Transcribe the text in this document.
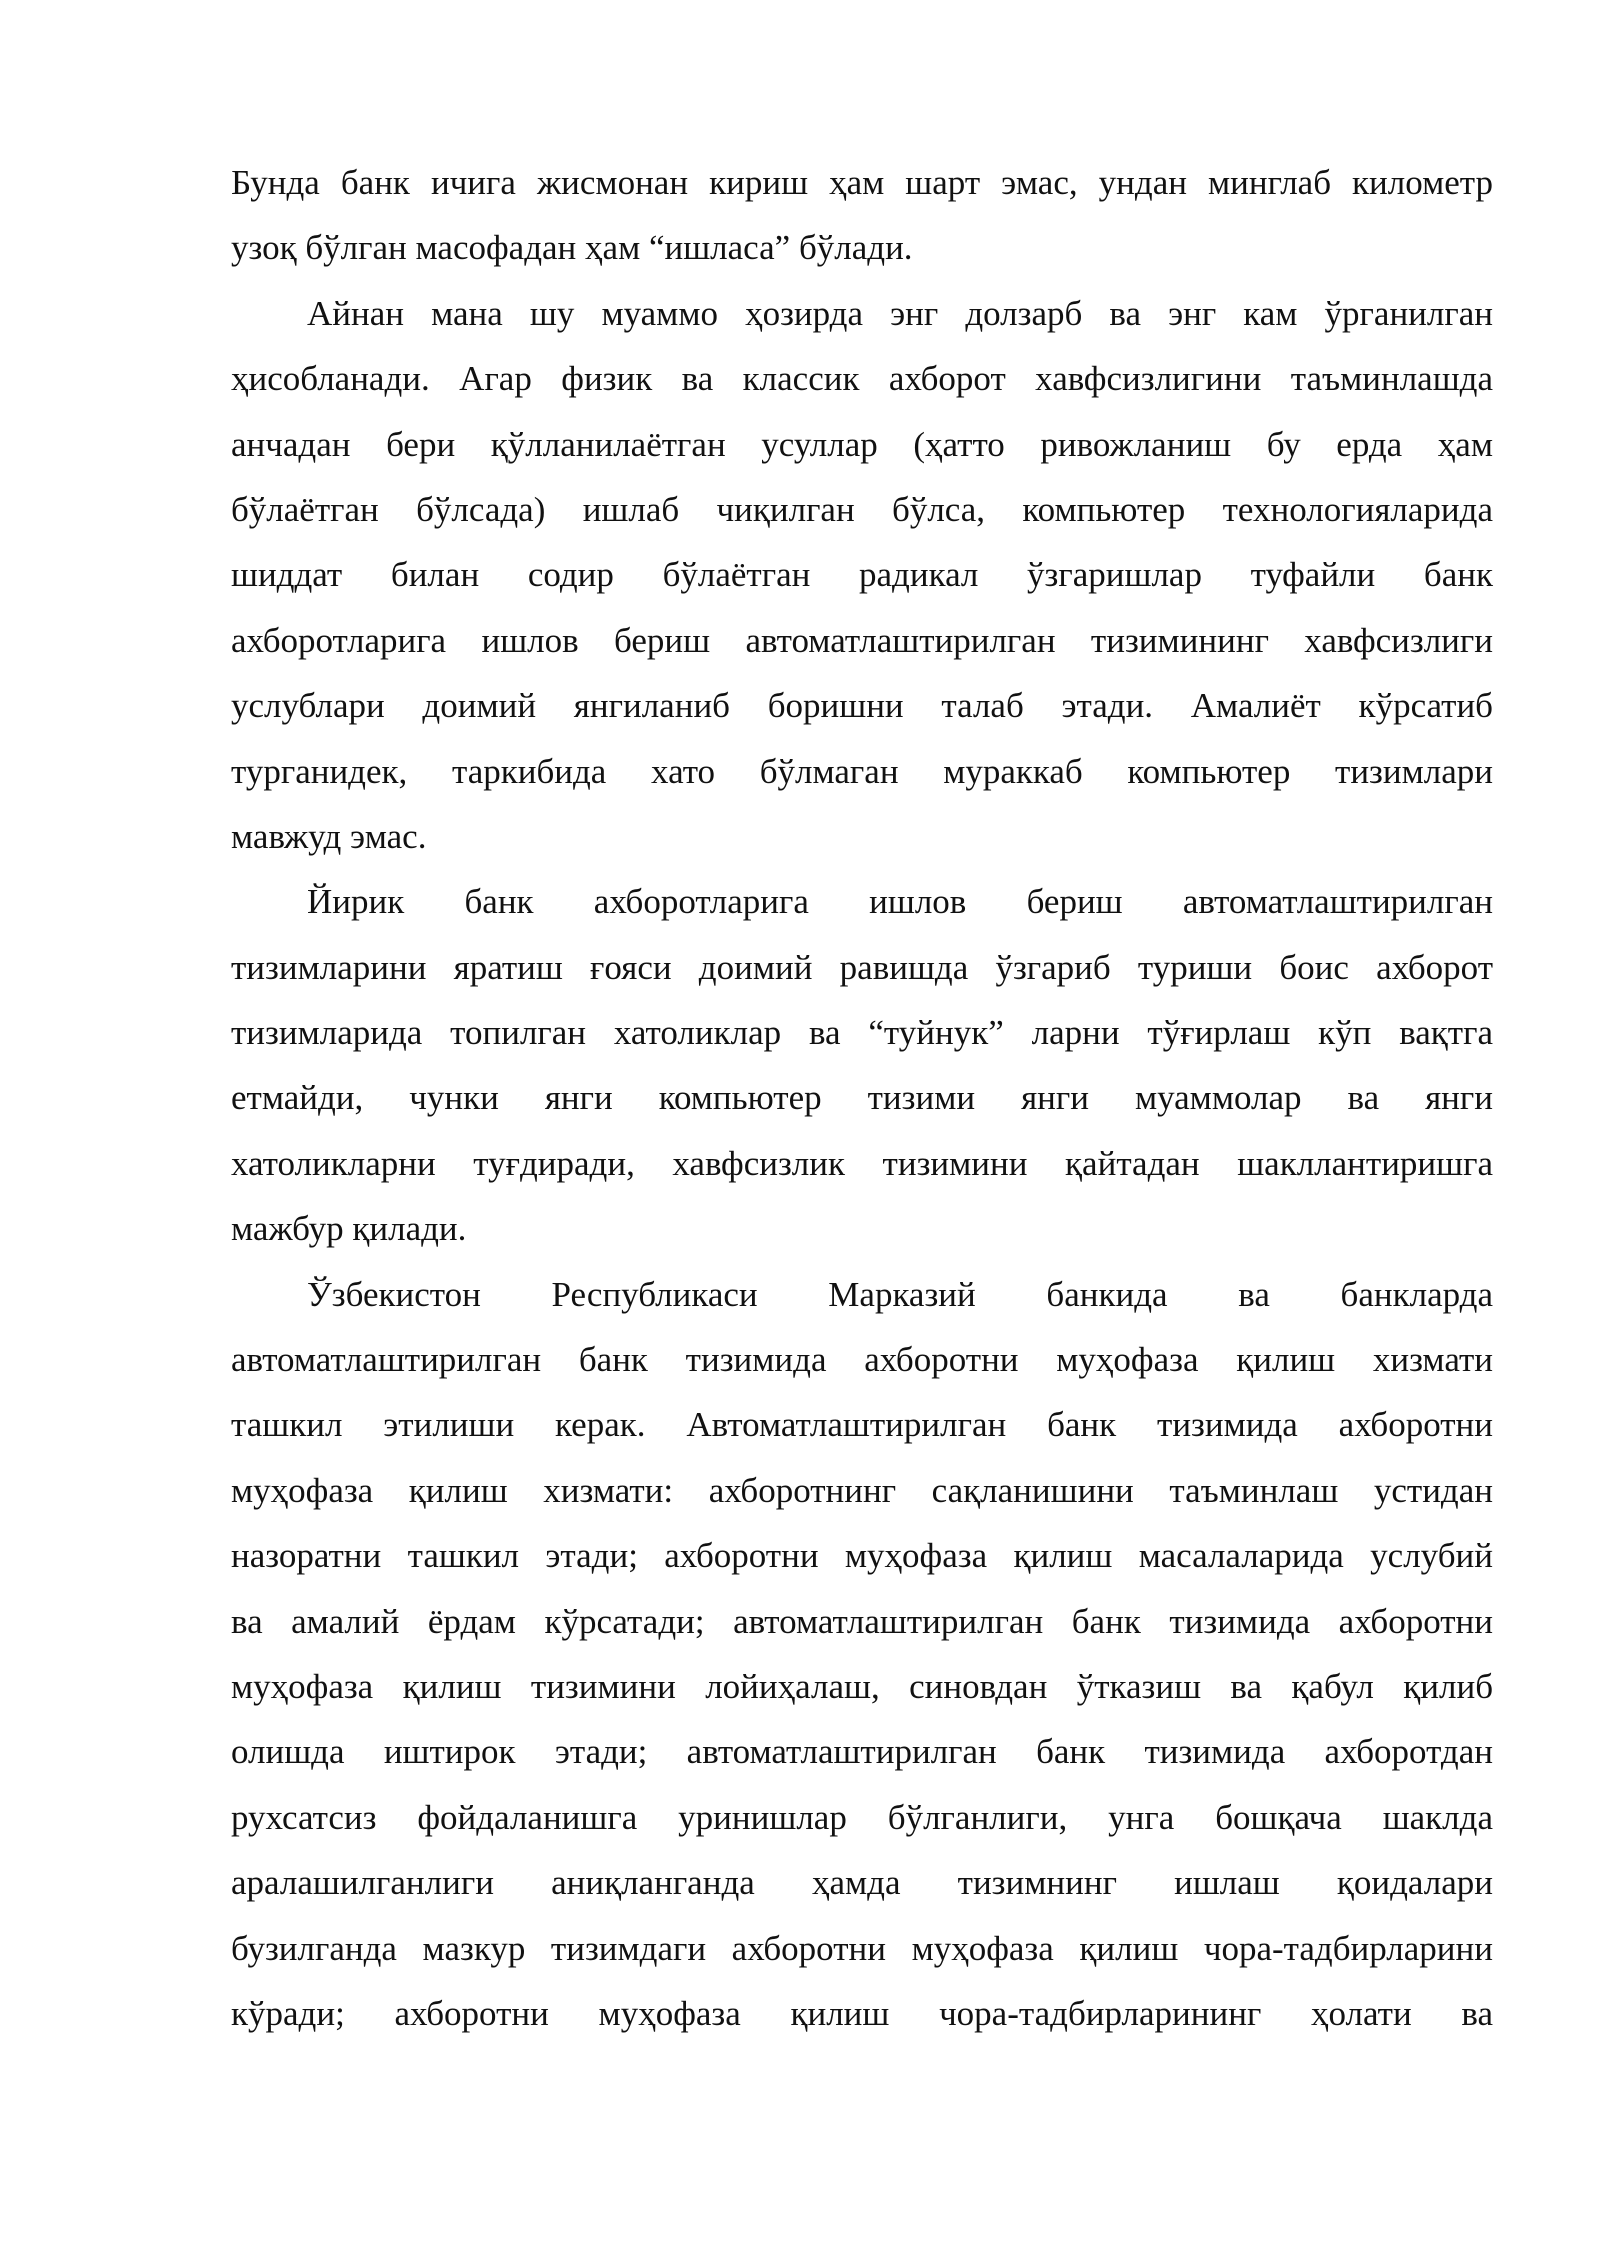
Бунда банк ичига жисмонан кириш ҳам шарт эмас, ундан минглаб километр
узоқ бўлган масофадан ҳам “ишласа” бўлади.
Айнан мана шу муаммо ҳозирда энг долзарб ва энг кам ўрганилган
ҳисобланади. Агар физик ва классик ахборот хавфсизлигини таъминлашда
анчадан бери қўлланилаётган усуллар (ҳатто ривожланиш бу ерда ҳам
бўлаётган бўлсада) ишлаб чиқилган бўлса, компьютер технологияларида
шиддат билан содир бўлаётган радикал ўзгаришлар туфайли банк
ахборотларига ишлов бериш автоматлаштирилган тизимининг хавфсизлиги
услублари доимий янгиланиб боришни талаб этади. Амалиёт кўрсатиб
турганидек, таркибида хато бўлмаган мураккаб компьютер тизимлари
мавжуд эмас.
Йирик банк ахборотларига ишлов бериш автоматлаштирилган
тизимларини яратиш ғояси доимий равишда ўзгариб туриши боис ахборот
тизимларида топилган хатоликлар ва “туйнук” ларни тўғирлаш кўп вақтга
етмайди, чунки янги компьютер тизими янги муаммолар ва янги
хатоликларни туғдиради, хавфсизлик тизимини қайтадан шакллантиришга
мажбур қилади.
Ўзбекистон Республикаси Марказий банкида ва банкларда
автоматлаштирилган банк тизимида ахборотни муҳофаза қилиш хизмати
ташкил этилиши керак. Автоматлаштирилган банк тизимида ахборотни
муҳофаза қилиш хизмати: ахборотнинг сақланишини таъминлаш устидан
назоратни ташкил этади; ахборотни муҳофаза қилиш масалаларида услубий
ва амалий ёрдам кўрсатади; автоматлаштирилган банк тизимида ахборотни
муҳофаза қилиш тизимини лойиҳалаш, синовдан ўтказиш ва қабул қилиб
олишда иштирок этади; автоматлаштирилган банк тизимида ахборотдан
рухсатсиз фойдаланишга уринишлар бўлганлиги, унга бошқача шаклда
аралашилганлиги аниқланганда ҳамда тизимнинг ишлаш қоидалари
бузилганда мазкур тизимдаги ахборотни муҳофаза қилиш чора-тадбирларини
кўради; ахборотни муҳофаза қилиш чора-тадбирларининг ҳолати ва
